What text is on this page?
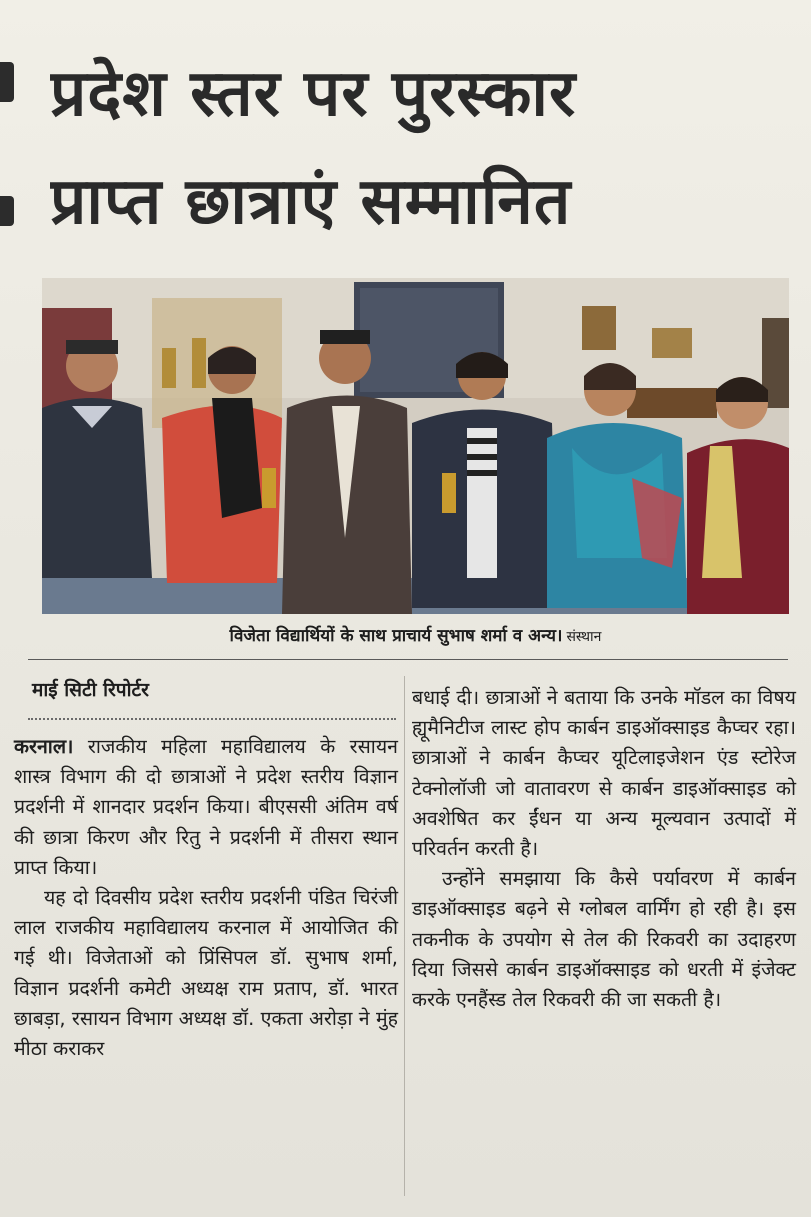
प्रदेश स्तर पर पुरस्कार
प्राप्त छात्राएं सम्मानित
विजेता विद्यार्थियों के साथ प्राचार्य सुभाष शर्मा व अन्य। संस्थान
माई सिटी रिपोर्टर

करनाल। राजकीय महिला महाविद्यालय के रसायन शास्त्र विभाग की दो छात्राओं ने प्रदेश स्तरीय विज्ञान प्रदर्शनी में शानदार प्रदर्शन किया। बीएससी अंतिम वर्ष की छात्रा किरण और रितु ने प्रदर्शनी में तीसरा स्थान प्राप्त किया।

यह दो दिवसीय प्रदेश स्तरीय प्रदर्शनी पंडित चिरंजी लाल राजकीय महाविद्यालय करनाल में आयोजित की गई थी। विजेताओं को प्रिंसिपल डॉ. सुभाष शर्मा, विज्ञान प्रदर्शनी कमेटी अध्यक्ष राम प्रताप, डॉ. भारत छाबड़ा, रसायन विभाग अध्यक्ष डॉ. एकता अरोड़ा ने मुंह मीठा कराकर

बधाई दी। छात्राओं ने बताया कि उनके मॉडल का विषय ह्यूमैनिटीज लास्ट होप कार्बन डाइऑक्साइड कैप्चर रहा। छात्राओं ने कार्बन कैप्चर यूटिलाइजेशन एंड स्टोरेज टेक्नोलॉजी जो वातावरण से कार्बन डाइऑक्साइड को अवशेषित कर ईंधन या अन्य मूल्यवान उत्पादों में परिवर्तन करती है।

उन्होंने समझाया कि कैसे पर्यावरण में कार्बन डाइऑक्साइड बढ़ने से ग्लोबल वार्मिंग हो रही है। इस तकनीक के उपयोग से तेल की रिकवरी का उदाहरण दिया जिससे कार्बन डाइऑक्साइड को धरती में इंजेक्ट करके एनहैंस्ड तेल रिकवरी की जा सकती है।
